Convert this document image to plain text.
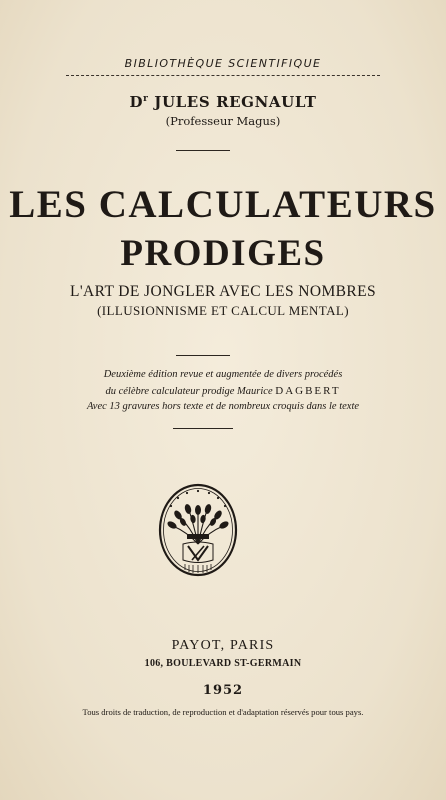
BIBLIOTHÈQUE SCIENTIFIQUE
$D^r$ JULES REGNAULT
(Professeur Magus)
LES CALCULATEURS
PRODIGES
L'ART DE JONGLER AVEC LES NOMBRES
(ILLUSIONNISME ET CALCUL MENTAL)
Deuxième édition revue et augmentée de divers procédés
du célèbre calculateur prodige Maurice DAGBERT
Avec 13 gravures hors texte et de nombreux croquis dans le texte
PAYOT, PARIS
106, BOULEVARD ST-GERMAIN
1952
Tous droits de traduction, de reproduction et d'adaptation réservés pour tous pays.
